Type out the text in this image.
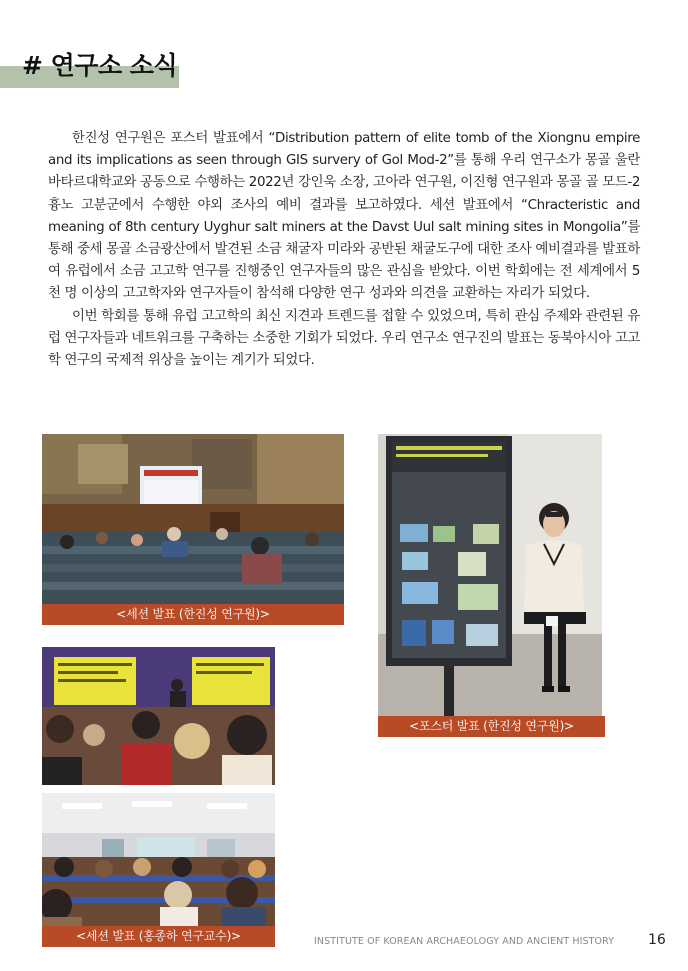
# 연구소 소식

한진성 연구원은 포스터 발표에서 “Distribution pattern of elite tomb of the Xiongnu empire and its implications as seen through GIS survery of Gol Mod-2”를 통해 우리 연구소가 몽골 울란바타르대학교와 공동으로 수행하는 2022년 강인욱 소장, 고아라 연구원, 이진형 연구원과 몽골 골 모드-2 흉노 고분군에서 수행한 야외 조사의 예비 결과를 보고하였다. 세션 발표에서 “Chracteristic and meaning of 8th century Uyghur salt miners at the Davst Uul salt mining sites in Mongolia”를 통해 중세 몽골 소금광산에서 발견된 소금 채굴자 미라와 공반된 채굴도구에 대한 조사 예비결과를 발표하여 유럽에서 소금 고고학 연구를 진행중인 연구자들의 많은 관심을 받았다. 이번 학회에는 전 세계에서 5천 명 이상의 고고학자와 연구자들이 참석해 다양한 연구 성과와 의견을 교환하는 자리가 되었다.

이번 학회를 통해 유럽 고고학의 최신 지견과 트렌드를 접할 수 있었으며, 특히 관심 주제와 관련된 유럽 연구자들과 네트워크를 구축하는 소중한 기회가 되었다. 우리 연구소 연구진의 발표는 동북아시아 고고학 연구의 국제적 위상을 높이는 계기가 되었다.

<세션 발표 (한진성 연구원)>
<포스터 발표 (한진성 연구원)>
<세션 발표 (홍종하 연구교수)>	INSTITUTE OF KOREAN ARCHAEOLOGY AND ANCIENT HISTORY 16
